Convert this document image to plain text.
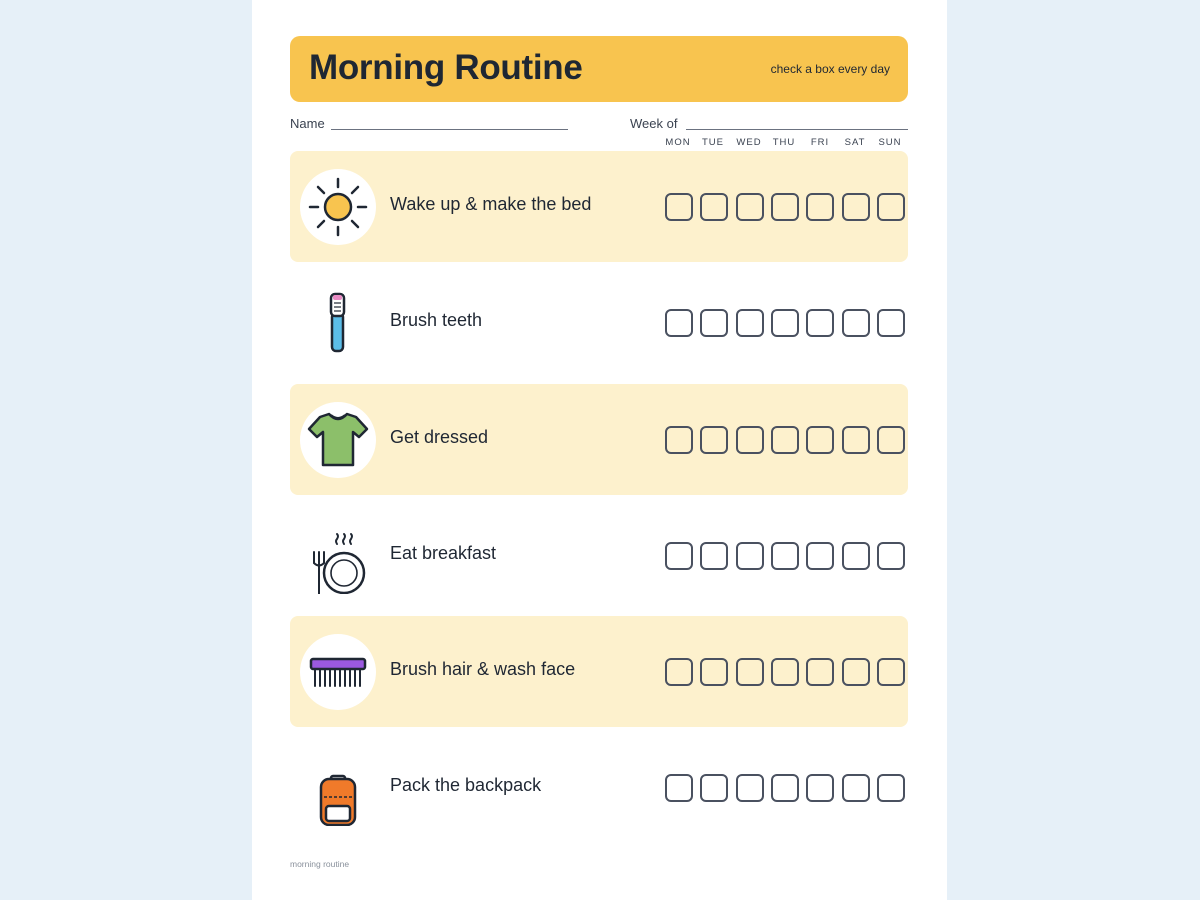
Morning Routine	check a box every day
Name	Week of
MON	TUE	WED	THU	FRI	SAT	SUN
Wake up & make the bed
Brush teeth
Get dressed
Eat breakfast
Brush hair & wash face
Pack the backpack
morning routine
